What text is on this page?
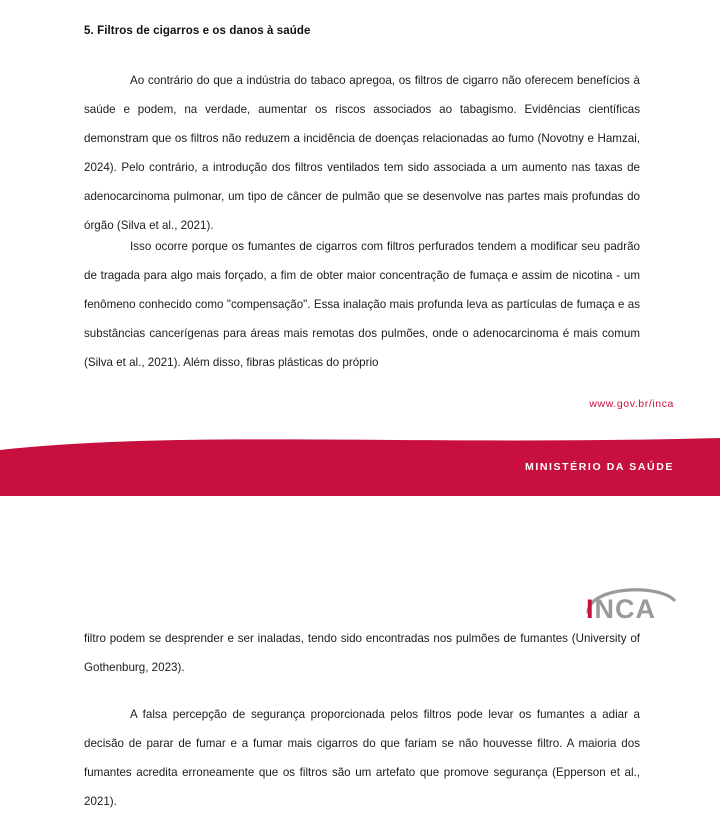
5. Filtros de cigarros e os danos à saúde

Ao contrário do que a indústria do tabaco apregoa, os filtros de cigarro não oferecem benefícios à saúde e podem, na verdade, aumentar os riscos associados ao tabagismo. Evidências científicas demonstram que os filtros não reduzem a incidência de doenças relacionadas ao fumo (Novotny e Hamzai, 2024). Pelo contrário, a introdução dos filtros ventilados tem sido associada a um aumento nas taxas de adenocarcinoma pulmonar, um tipo de câncer de pulmão que se desenvolve nas partes mais profundas do órgão (Silva et al., 2021).

Isso ocorre porque os fumantes de cigarros com filtros perfurados tendem a modificar seu padrão de tragada para algo mais forçado, a fim de obter maior concentração de fumaça e assim de nicotina - um fenômeno conhecido como "compensação". Essa inalação mais profunda leva as partículas de fumaça e as substâncias cancerígenas para áreas mais remotas dos pulmões, onde o adenocarcinoma é mais comum (Silva et al., 2021). Além disso, fibras plásticas do próprio

www.gov.br/inca
MINISTÉRIO DA SAÚDE
INCA

filtro podem se desprender e ser inaladas, tendo sido encontradas nos pulmões de fumantes (University of Gothenburg, 2023).

A falsa percepção de segurança proporcionada pelos filtros pode levar os fumantes a adiar a decisão de parar de fumar e a fumar mais cigarros do que fariam se não houvesse filtro. A maioria dos fumantes acredita erroneamente que os filtros são um artefato que promove segurança (Epperson et al., 2021).
